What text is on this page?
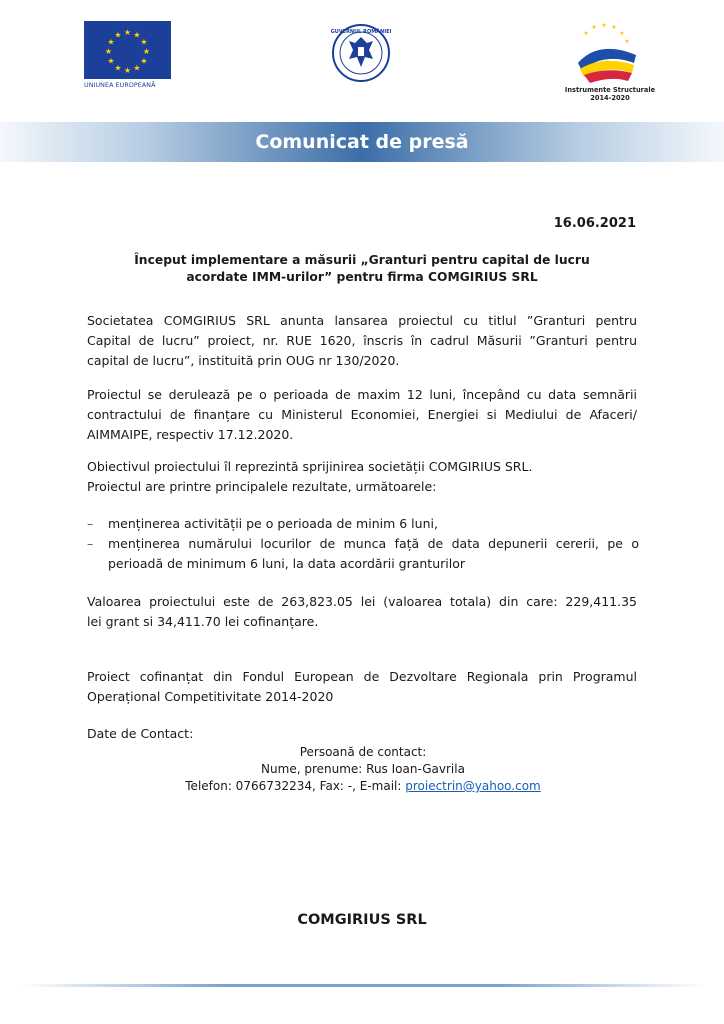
★ ★
★
★
★
★
★
★
★
★
★
★
UNIUNEA EUROPEANĂ
GUVERNUL ROMÂNIEI
★ ★
★
★
★
★
Instrumente Structurale
2014-2020
Comunicat de presă
16.06.2021
Început implementare a măsurii „Granturi pentru capital de lucru
acordate IMM-urilor” pentru firma COMGIRIUS SRL
Societatea COMGIRIUS SRL anunta lansarea proiectul cu titlul ”Granturi pentru
Capital de lucru” proiect, nr. RUE 1620, înscris în cadrul Măsurii ”Granturi pentru
capital de lucru”, instituită prin OUG nr 130/2020.
Proiectul se derulează pe o perioada de maxim 12 luni, începând cu data semnării
contractului de finanțare cu Ministerul Economiei, Energiei si Mediului de Afaceri/
AIMMAIPE, respectiv 17.12.2020.
Obiectivul proiectului îl reprezintă sprijinirea societății COMGIRIUS SRL.
Proiectul are printre principalele rezultate, următoarele:
– menținerea activității pe o perioada de minim 6 luni,
– menținerea numărului locurilor de munca față de data depunerii cererii, pe o
perioadă de minimum 6 luni, la data acordării granturilor
Valoarea proiectului este de 263,823.05 lei (valoarea totala) din care: 229,411.35
lei grant si 34,411.70 lei cofinanțare.
Proiect cofinanțat din Fondul European de Dezvoltare Regionala prin Programul
Operațional Competitivitate 2014-2020
Date de Contact:
Persoană de contact:
Nume, prenume: Rus Ioan-Gavrila
Telefon: 0766732234, Fax: -, E-mail: proiectrin@yahoo.com
COMGIRIUS SRL
